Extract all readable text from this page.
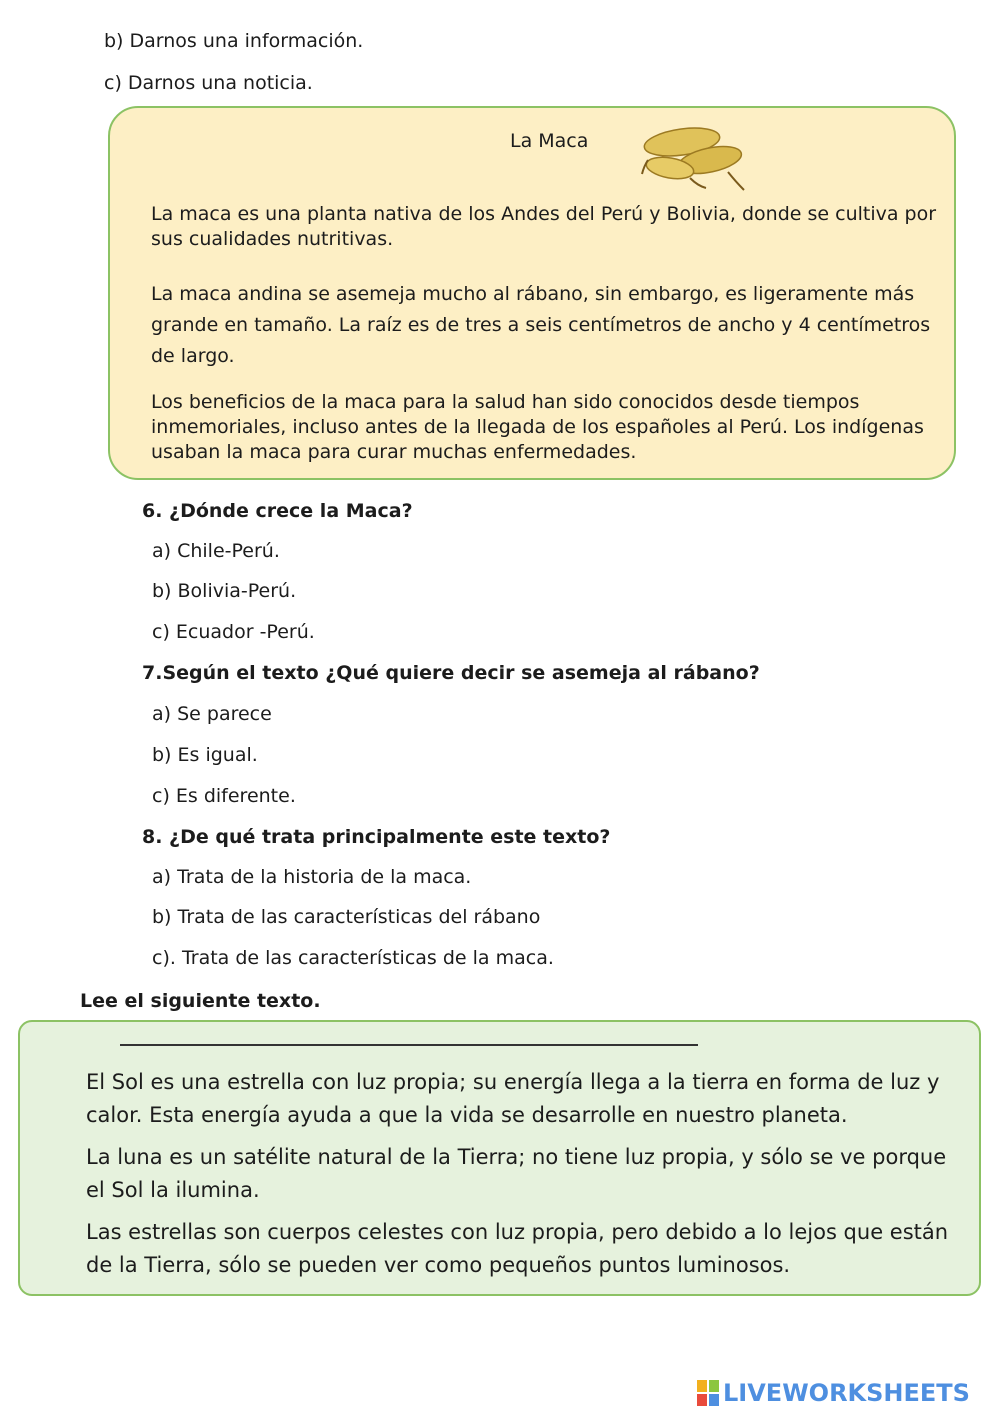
b) Darnos una información.
c) Darnos una noticia.
La Maca
La maca es una planta nativa de los Andes del Perú y Bolivia, donde se cultiva por sus cualidades nutritivas.
La maca andina se asemeja mucho al rábano, sin embargo, es ligeramente más grande en tamaño. La raíz es de tres a seis centímetros de ancho y 4 centímetros de largo.
Los beneficios de la maca para la salud han sido conocidos desde tiempos inmemoriales, incluso antes de la llegada de los españoles al Perú. Los indígenas usaban la maca para curar muchas enfermedades.
6. ¿Dónde crece la Maca?
a) Chile-Perú.
b) Bolivia-Perú.
c) Ecuador -Perú.
7.Según el texto ¿Qué quiere decir se asemeja al rábano?
a) Se parece
b) Es igual.
c) Es diferente.
8. ¿De qué trata principalmente este texto?
a) Trata de la historia de la maca.
b) Trata de las características del rábano
c). Trata de las características de la maca.
Lee el siguiente texto.
El Sol es una estrella con luz propia; su energía llega a la tierra en forma de luz y calor. Esta energía ayuda a que la vida se desarrolle en nuestro planeta.
La luna es un satélite natural de la Tierra; no tiene luz propia, y sólo se ve porque el Sol la ilumina.
Las estrellas son cuerpos celestes con luz propia, pero debido a lo lejos que están de la Tierra, sólo se pueden ver como pequeños puntos luminosos.
LIVEWORKSHEETS
